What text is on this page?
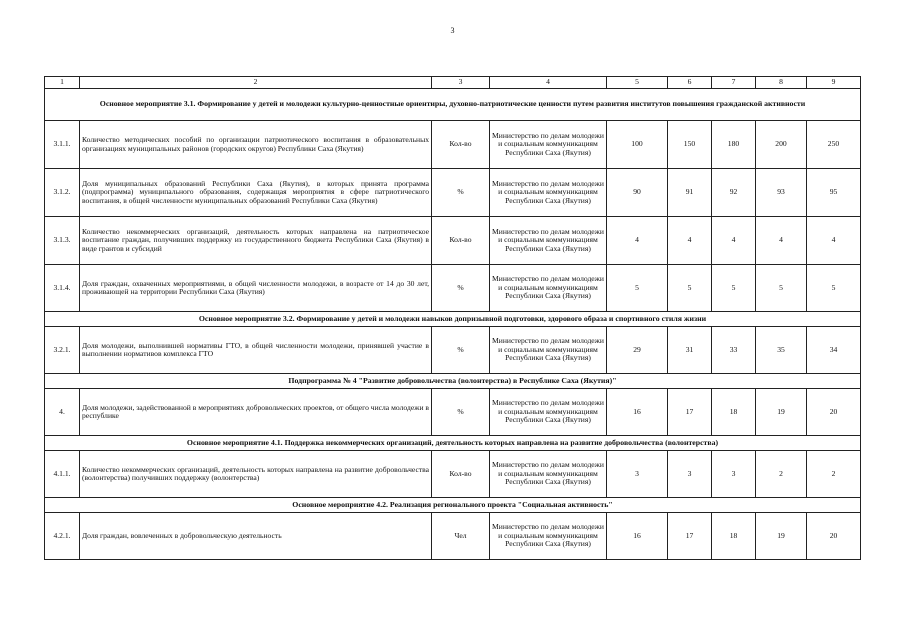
3
1	2	3	4	5	6	7	8	9
Основное мероприятие 3.1. Формирование у детей и молодежи культурно-ценностные ориентиры, духовно-патриотические ценности путем развития институтов повышения гражданской активности								
3.1.1.	Количество методических пособий по организации патриотического воспитания в образовательных организациях муниципальных районов (городских округов) Республики Саха (Якутия)	Кол-во	Министерство по делам молодежи и социальным коммуникациям Республики Саха (Якутия)	100	150	180	200	250
3.1.2.	Доля муниципальных образований Республики Саха (Якутия), в которых принята программа (подпрограмма) муниципального образования, содержащая мероприятия в сфере патриотического воспитания, в общей численности муниципальных образований Республики Саха (Якутия)	%	Министерство по делам молодежи и социальным коммуникациям Республики Саха (Якутия)	90	91	92	93	95
3.1.3.	Количество некоммерческих организаций, деятельность которых направлена на патриотическое воспитание граждан, получивших поддержку из государственного бюджета Республики Саха (Якутия) в виде грантов и субсидий	Кол-во	Министерство по делам молодежи и социальным коммуникациям Республики Саха (Якутия)	4	4	4	4	4
3.1.4.	Доля граждан, охваченных мероприятиями, в общей численности молодежи, в возрасте от 14 до 30 лет, проживающей на территории Республики Саха (Якутия)	%	Министерство по делам молодежи и социальным коммуникациям Республики Саха (Якутия)	5	5	5	5	5
Основное мероприятие 3.2. Формирование у детей и молодежи навыков допризывной подготовки, здорового образа и спортивного стиля жизни								
3.2.1.	Доля молодежи, выполнившей нормативы ГТО, в общей численности молодежи, принявшей участие в выполнении нормативов комплекса ГТО	%	Министерство по делам молодежи и социальным коммуникациям Республики Саха (Якутия)	29	31	33	35	34
Подпрограмма № 4 "Развитие добровольчества (волонтерства) в Республике Саха (Якутия)"								
4.	Доля молодежи, задействованной в мероприятиях добровольческих проектов, от общего числа молодежи в республике	%	Министерство по делам молодежи и социальным коммуникациям Республики Саха (Якутия)	16	17	18	19	20
Основное мероприятие 4.1. Поддержка некоммерческих организаций, деятельность которых направлена на развитие добровольчества (волонтерства)								
4.1.1.	Количество некоммерческих организаций, деятельность которых направлена на развитие добровольчества (волонтерства) получивших поддержку (волонтерства)	Кол-во	Министерство по делам молодежи и социальным коммуникациям Республики Саха (Якутия)	3	3	3	2	2
Основное мероприятие 4.2. Реализация регионального проекта "Социальная активность"								
4.2.1.	Доля граждан, вовлеченных в добровольческую деятельность	Чел	Министерство по делам молодежи и социальным коммуникациям Республики Саха (Якутия)	16	17	18	19	20
